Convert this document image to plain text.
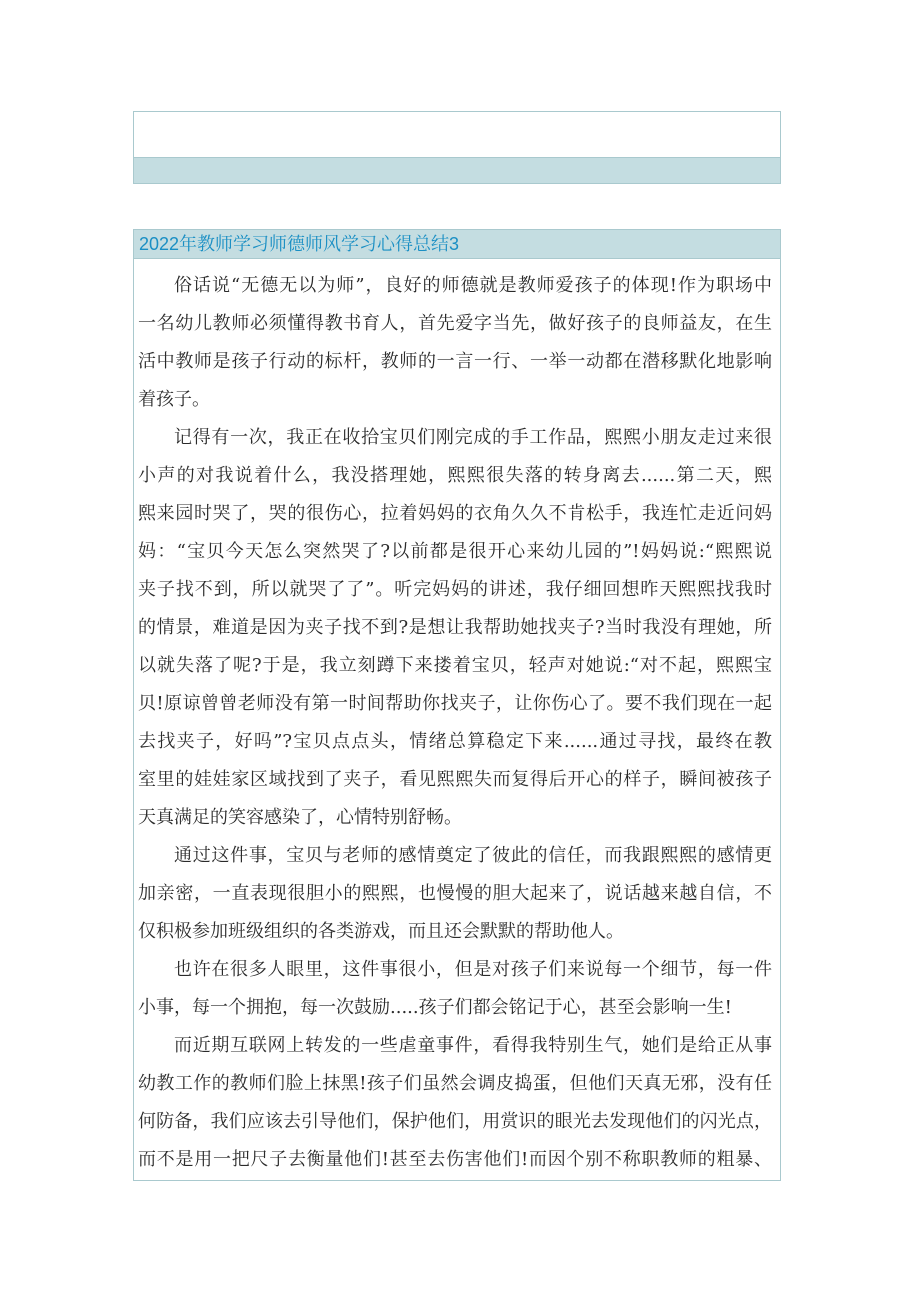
2022年教师学习师德师风学习心得总结3
俗话说“无德无以为师”，良好的师德就是教师爱孩子的体现!作为职场中
一名幼儿教师必须懂得教书育人，首先爱字当先，做好孩子的良师益友，在生
活中教师是孩子行动的标杆，教师的一言一行、一举一动都在潜移默化地影响
着孩子。
记得有一次，我正在收拾宝贝们刚完成的手工作品，熙熙小朋友走过来很
小声的对我说着什么，我没搭理她，熙熙很失落的转身离去......第二天，熙
熙来园时哭了，哭的很伤心，拉着妈妈的衣角久久不肯松手，我连忙走近问妈
妈：“宝贝今天怎么突然哭了?以前都是很开心来幼儿园的”!妈妈说:“熙熙说
夹子找不到，所以就哭了了”。听完妈妈的讲述，我仔细回想昨天熙熙找我时
的情景，难道是因为夹子找不到?是想让我帮助她找夹子?当时我没有理她，所
以就失落了呢?于是，我立刻蹲下来搂着宝贝，轻声对她说:“对不起，熙熙宝
贝!原谅曾曾老师没有第一时间帮助你找夹子，让你伤心了。要不我们现在一起
去找夹子，好吗”?宝贝点点头，情绪总算稳定下来......通过寻找，最终在教
室里的娃娃家区域找到了夹子，看见熙熙失而复得后开心的样子，瞬间被孩子
天真满足的笑容感染了，心情特别舒畅。
通过这件事，宝贝与老师的感情奠定了彼此的信任，而我跟熙熙的感情更
加亲密，一直表现很胆小的熙熙，也慢慢的胆大起来了，说话越来越自信，不
仅积极参加班级组织的各类游戏，而且还会默默的帮助他人。
也许在很多人眼里，这件事很小，但是对孩子们来说每一个细节，每一件
小事，每一个拥抱，每一次鼓励.....孩子们都会铭记于心，甚至会影响一生!
而近期互联网上转发的一些虐童事件，看得我特别生气，她们是给正从事
幼教工作的教师们脸上抹黑!孩子们虽然会调皮捣蛋，但他们天真无邪，没有任
何防备，我们应该去引导他们，保护他们，用赏识的眼光去发现他们的闪光点，
而不是用一把尺子去衡量他们!甚至去伤害他们!而因个别不称职教师的粗暴、
